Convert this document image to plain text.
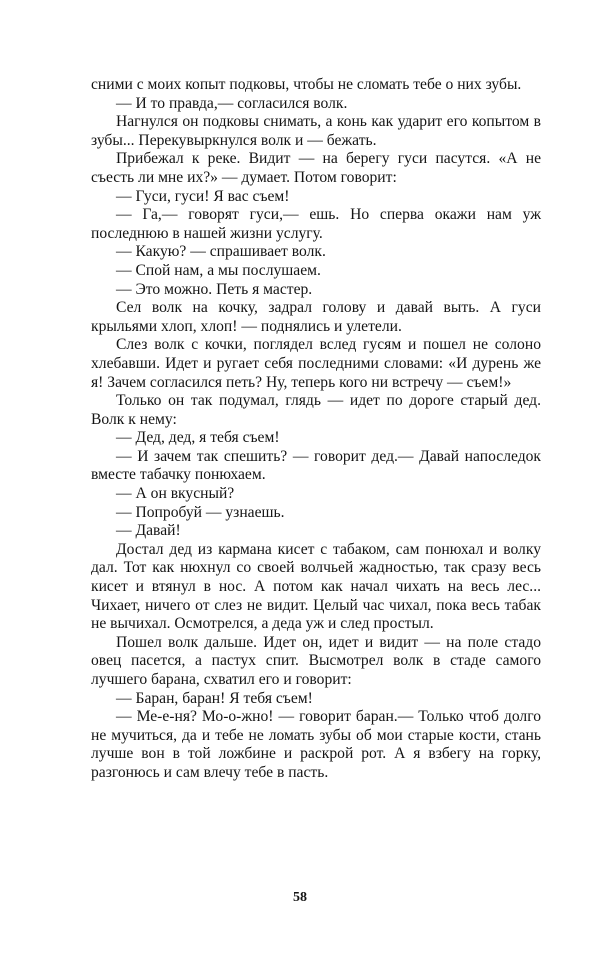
сними с моих копыт подковы, чтобы не сломать тебе о них зубы.

— И то правда,— согласился волк.

Нагнулся он подковы снимать, а конь как ударит его копытом в зубы... Перекувыркнулся волк и — бежать.

Прибежал к реке. Видит — на берегу гуси пасутся. «А не съесть ли мне их?» — думает. Потом говорит:

— Гуси, гуси! Я вас съем!

— Га,— говорят гуси,— ешь. Но сперва окажи нам уж последнюю в нашей жизни услугу.

— Какую? — спрашивает волк.

— Спой нам, а мы послушаем.

— Это можно. Петь я мастер.

Сел волк на кочку, задрал голову и давай выть. А гуси крыльями хлоп, хлоп! — поднялись и улетели.

Слез волк с кочки, поглядел вслед гусям и пошел не солоно хлебавши. Идет и ругает себя последними словами: «И дурень же я! Зачем согласился петь? Ну, теперь кого ни встречу — съем!»

Только он так подумал, глядь — идет по дороге старый дед. Волк к нему:

— Дед, дед, я тебя съем!

— И зачем так спешить? — говорит дед.— Давай напоследок вместе табачку понюхаем.

— А он вкусный?

— Попробуй — узнаешь.

— Давай!

Достал дед из кармана кисет с табаком, сам понюхал и волку дал. Тот как нюхнул со своей волчьей жадностью, так сразу весь кисет и втянул в нос. А потом как начал чихать на весь лес... Чихает, ничего от слез не видит. Целый час чихал, пока весь табак не вычихал. Осмотрелся, а деда уж и след простыл.

Пошел волк дальше. Идет он, идет и видит — на поле стадо овец пасется, а пастух спит. Высмотрел волк в стаде самого лучшего барана, схватил его и говорит:

— Баран, баран! Я тебя съем!

— Ме-е-ня? Мо-о-жно! — говорит баран.— Только чтоб долго не мучиться, да и тебе не ломать зубы об мои старые кости, стань лучше вон в той ложбине и раскрой рот. А я взбегу на горку, разгонюсь и сам влечу тебе в пасть.

58
